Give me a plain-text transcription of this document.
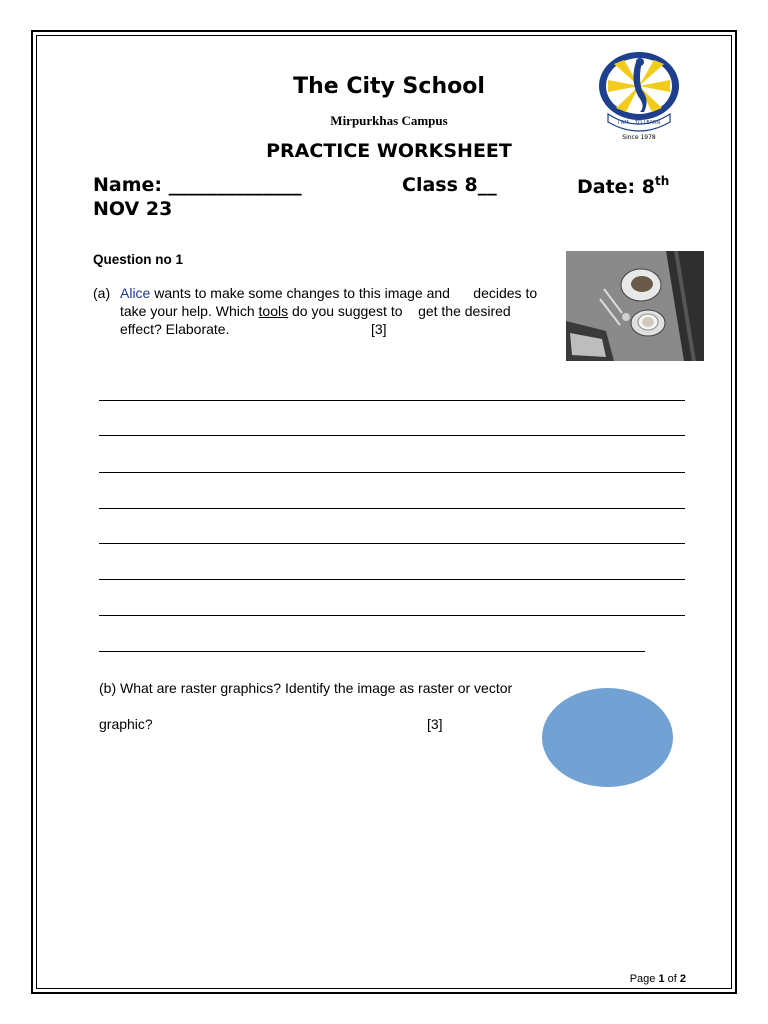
I AM... TO LEARN
Since 1978
The City School
Mirpurkhas Campus
PRACTICE WORKSHEET
Name: ______________	Class 8__	Date: 8th
NOV 23
Question no 1
(a) Alice wants to make some changes to this image and      decides to
take your help. Which tools do you suggest to    get the desired
effect? Elaborate.	[3]
(b) What are raster graphics? Identify the image as raster or vector
graphic?	[3]
Page 1 of 2
